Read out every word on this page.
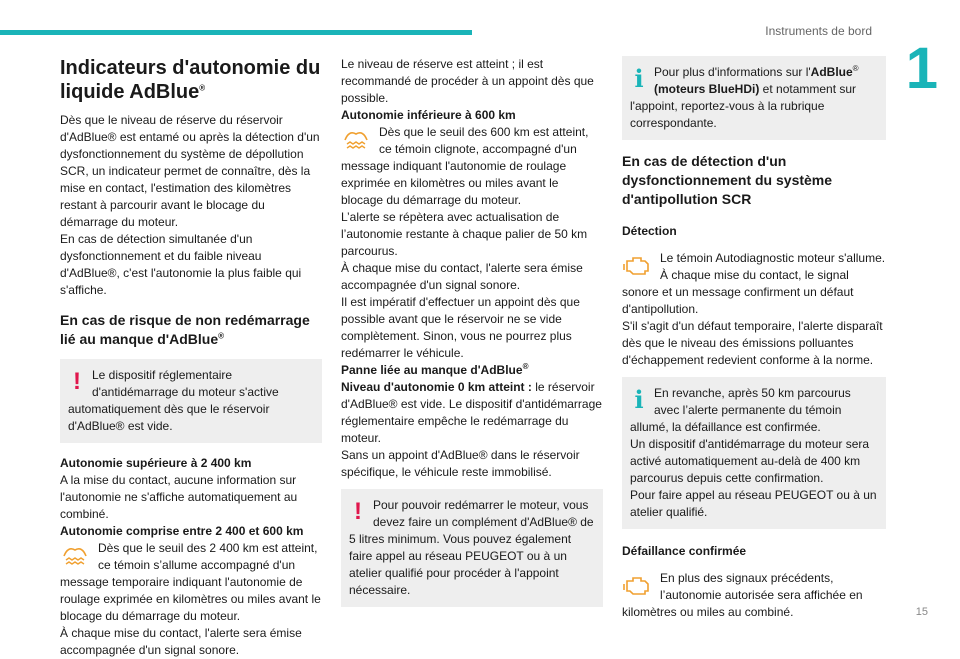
Instruments de bord
1
15

Indicateurs d'autonomie du liquide AdBlue®

Dès que le niveau de réserve du réservoir d'AdBlue® est entamé ou après la détection d'un dysfonctionnement du système de dépollution SCR, un indicateur permet de connaître, dès la mise en contact, l'estimation des kilomètres restant à parcourir avant le blocage du démarrage du moteur.

En cas de détection simultanée d'un dysfonctionnement et du faible niveau d'AdBlue®, c'est l'autonomie la plus faible qui s'affiche.

En cas de risque de non redémarrage lié au manque d'AdBlue®

! Le dispositif réglementaire d'antidémarrage du moteur s'active automatiquement dès que le réservoir d'AdBlue® est vide.

Autonomie supérieure à 2 400 km

A la mise du contact, aucune information sur l'autonomie ne s'affiche automatiquement au combiné.

Autonomie comprise entre 2 400 et 600 km

Dès que le seuil des 2 400 km est atteint, ce témoin s’allume accompagné d'un message temporaire indiquant l'autonomie de roulage exprimée en kilomètres ou miles avant le blocage du démarrage du moteur.

À chaque mise du contact, l'alerte sera émise accompagnée d'un signal sonore.

Le niveau de réserve est atteint ; il est recommandé de procéder à un appoint dès que possible.

Autonomie inférieure à 600 km

Dès que le seuil des 600 km est atteint, ce témoin clignote, accompagné d'un message indiquant l'autonomie de roulage exprimée en kilomètres ou miles avant le blocage du démarrage du moteur.

L’alerte se répètera avec actualisation de l’autonomie restante à chaque palier de 50 km parcourus.

À chaque mise du contact, l'alerte sera émise accompagnée d'un signal sonore.

Il est impératif d'effectuer un appoint dès que possible avant que le réservoir ne se vide complètement. Sinon, vous ne pourrez plus redémarrer le véhicule.

Panne liée au manque d'AdBlue®

Niveau d'autonomie 0 km atteint : le réservoir d'AdBlue® est vide. Le dispositif d'antidémarrage réglementaire empêche le redémarrage du moteur.

Sans un appoint d'AdBlue® dans le réservoir spécifique, le véhicule reste immobilisé.

! Pour pouvoir redémarrer le moteur, vous devez faire un complément d'AdBlue® de 5 litres minimum. Vous pouvez également faire appel au réseau PEUGEOT ou à un atelier qualifié pour procéder à l'appoint nécessaire.

i Pour plus d'informations sur l'AdBlue® (moteurs BlueHDi) et notamment sur l'appoint, reportez-vous à la rubrique correspondante.

En cas de détection d'un dysfonctionnement du système d'antipollution SCR

Détection

Le témoin Autodiagnostic moteur s'allume.

À chaque mise du contact, le signal sonore et un message confirment un défaut d'antipollution.

S'il s'agit d'un défaut temporaire, l'alerte disparaît dès que le niveau des émissions polluantes d'échappement redevient conforme à la norme.

i En revanche, après 50 km parcourus avec l’alerte permanente du témoin allumé, la défaillance est confirmée.

Un dispositif d'antidémarrage du moteur sera activé automatiquement au-delà de 400 km parcourus depuis cette confirmation.

Pour faire appel au réseau PEUGEOT ou à un atelier qualifié.

Défaillance confirmée

En plus des signaux précédents, l’autonomie autorisée sera affichée en kilomètres ou miles au combiné.
